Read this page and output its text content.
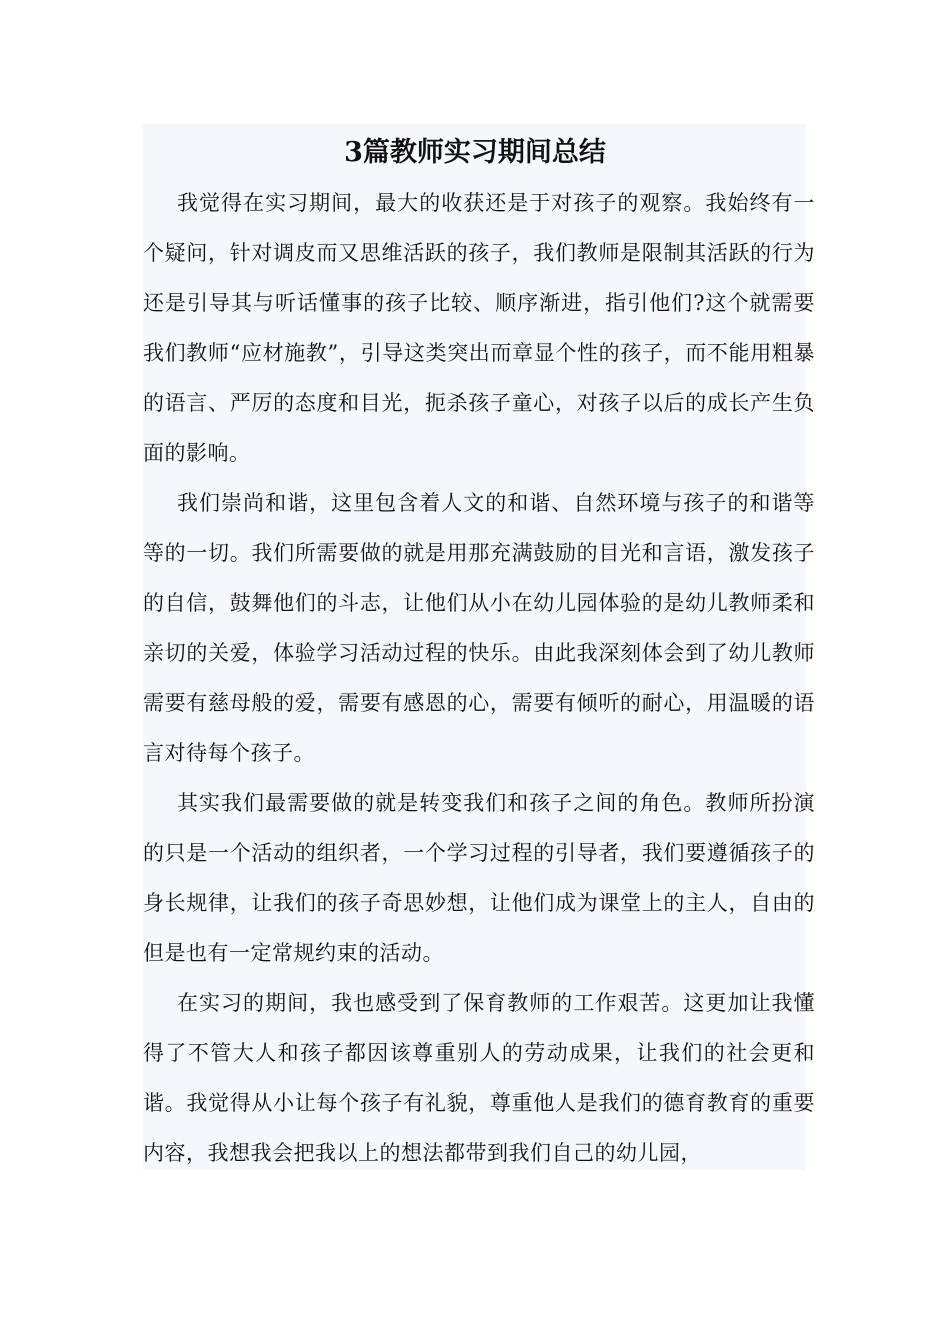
3篇教师实习期间总结

我觉得在实习期间，最大的收获还是于对孩子的观察。我始终有一个疑问，针对调皮而又思维活跃的孩子，我们教师是限制其活跃的行为还是引导其与听话懂事的孩子比较、顺序渐进，指引他们?这个就需要我们教师“应材施教”，引导这类突出而章显个性的孩子，而不能用粗暴的语言、严厉的态度和目光，扼杀孩子童心，对孩子以后的成长产生负面的影响。

我们崇尚和谐，这里包含着人文的和谐、自然环境与孩子的和谐等等的一切。我们所需要做的就是用那充满鼓励的目光和言语，激发孩子的自信，鼓舞他们的斗志，让他们从小在幼儿园体验的是幼儿教师柔和亲切的关爱，体验学习活动过程的快乐。由此我深刻体会到了幼儿教师需要有慈母般的爱，需要有感恩的心，需要有倾听的耐心，用温暖的语言对待每个孩子。

其实我们最需要做的就是转变我们和孩子之间的角色。教师所扮演的只是一个活动的组织者，一个学习过程的引导者，我们要遵循孩子的身长规律，让我们的孩子奇思妙想，让他们成为课堂上的主人，自由的但是也有一定常规约束的活动。

在实习的期间，我也感受到了保育教师的工作艰苦。这更加让我懂得了不管大人和孩子都因该尊重别人的劳动成果，让我们的社会更和谐。我觉得从小让每个孩子有礼貌，尊重他人是我们的德育教育的重要内容，我想我会把我以上的想法都带到我们自己的幼儿园，
